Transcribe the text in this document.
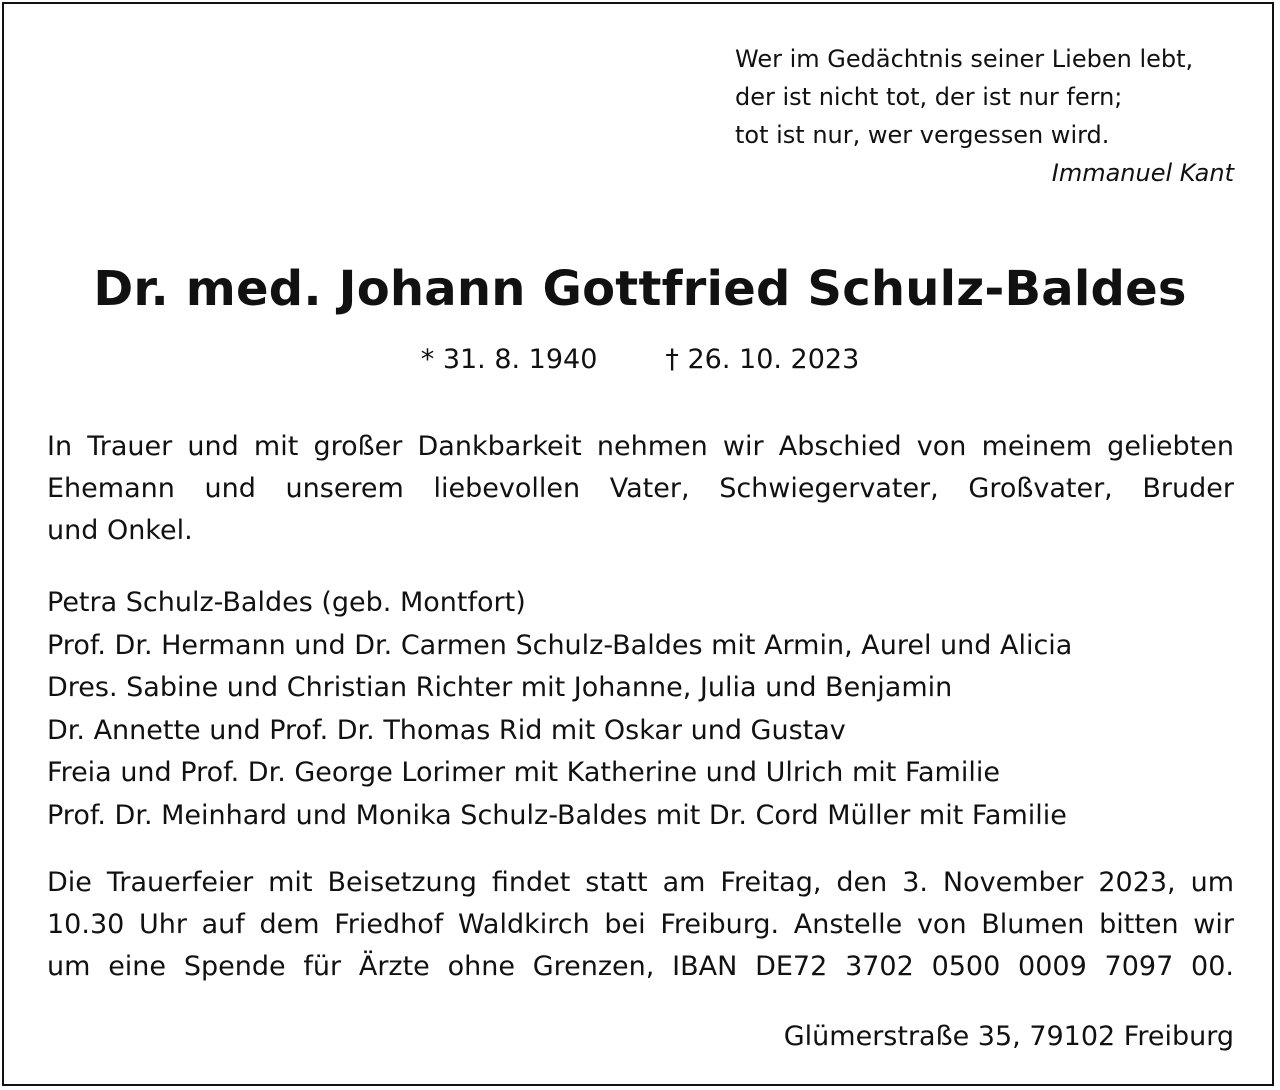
Wer im Gedächtnis seiner Lieben lebt,
der ist nicht tot, der ist nur fern;
tot ist nur, wer vergessen wird.
Immanuel Kant
Dr. med. Johann Gottfried Schulz-Baldes
* 31. 8. 1940	† 26. 10. 2023
In Trauer und mit großer Dankbarkeit nehmen wir Abschied von meinem geliebten
Ehemann und unserem liebevollen Vater, Schwiegervater, Großvater, Bruder
und Onkel.
Petra Schulz-Baldes (geb. Montfort)
Prof. Dr. Hermann und Dr. Carmen Schulz-Baldes mit Armin, Aurel und Alicia
Dres. Sabine und Christian Richter mit Johanne, Julia und Benjamin
Dr. Annette und Prof. Dr. Thomas Rid mit Oskar und Gustav
Freia und Prof. Dr. George Lorimer mit Katherine und Ulrich mit Familie
Prof. Dr. Meinhard und Monika Schulz-Baldes mit Dr. Cord Müller mit Familie
Die Trauerfeier mit Beisetzung findet statt am Freitag, den 3. November 2023, um
10.30 Uhr auf dem Friedhof Waldkirch bei Freiburg. Anstelle von Blumen bitten wir
um eine Spende für Ärzte ohne Grenzen, IBAN DE72 3702 0500 0009 7097 00.
Glümerstraße 35, 79102 Freiburg
